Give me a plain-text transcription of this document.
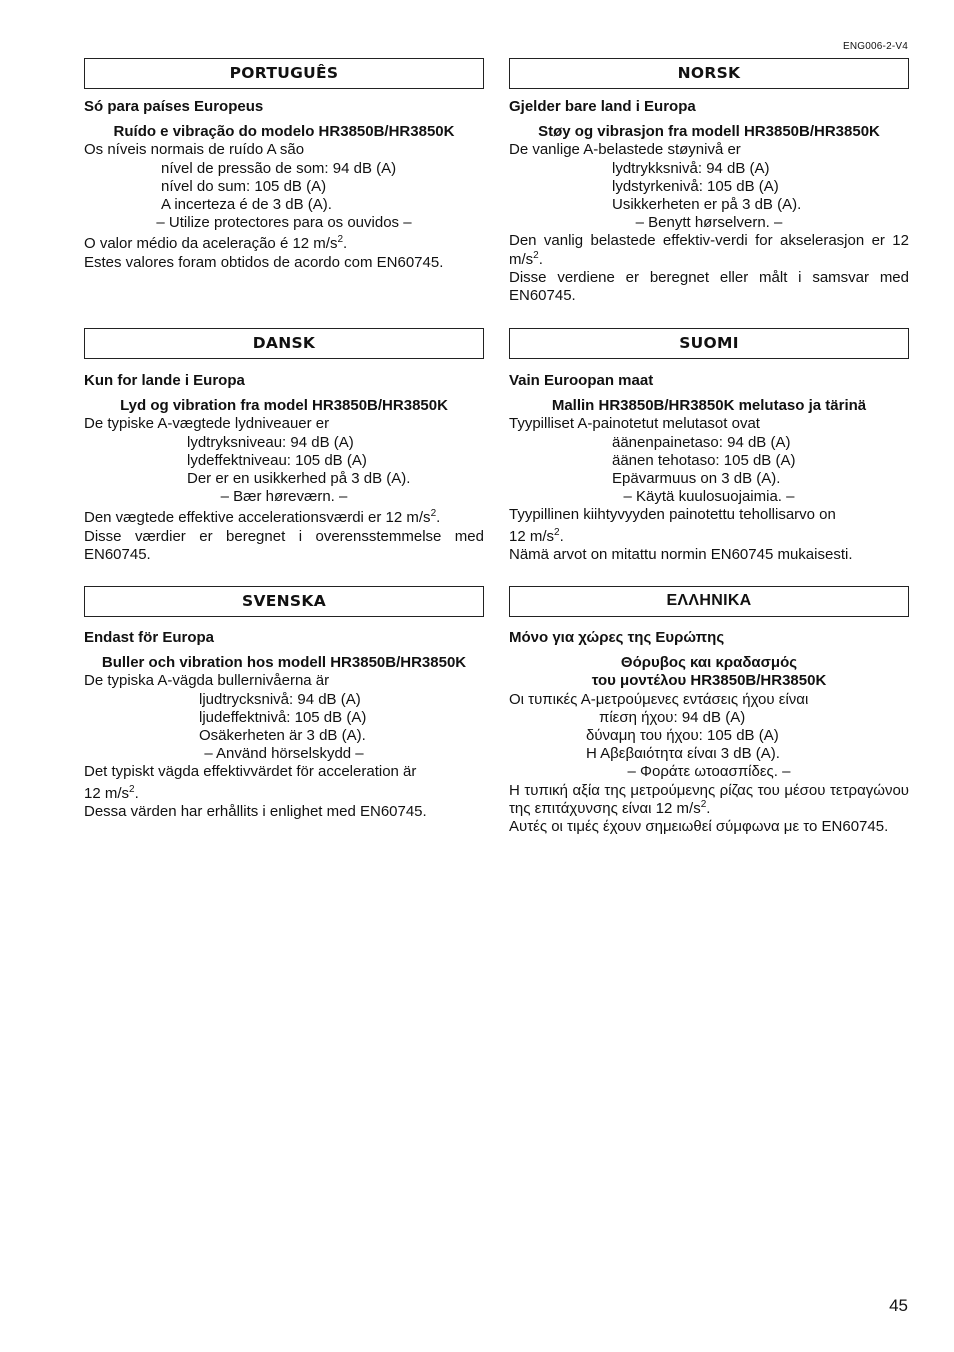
ENG006-2-V4
PORTUGUÊS
Só para países Europeus
Ruído e vibração do modelo HR3850B/HR3850K
Os níveis normais de ruído A são
nível de pressão de som: 94 dB (A)
nível do sum: 105 dB (A)
A incerteza é de 3 dB (A).
– Utilize protectores para os ouvidos –
O valor médio da aceleração é 12 $m/s^2$.
Estes valores foram obtidos de acordo com EN60745.
NORSK
Gjelder bare land i Europa
Støy og vibrasjon fra modell HR3850B/HR3850K
De vanlige A-belastede støynivå er
lydtrykksnivå: 94 dB (A)
lydstyrkenivå: 105 dB (A)
Usikkerheten er på 3 dB (A).
– Benytt hørselvern. –
Den vanlig belastede effektiv-verdi for akselerasjon er 12 $m/s^2$.
Disse verdiene er beregnet eller målt i samsvar med EN60745.
DANSK
Kun for lande i Europa
Lyd og vibration fra model HR3850B/HR3850K
De typiske A-vægtede lydniveauer er
lydtryksniveau: 94 dB (A)
lydeffektniveau: 105 dB (A)
Der er en usikkerhed på 3 dB (A).
– Bær høreværn. –
Den vægtede effektive accelerationsværdi er 12 $m/s^2$.
Disse værdier er beregnet i overensstemmelse med EN60745.
SUOMI
Vain Euroopan maat
Mallin HR3850B/HR3850K melutaso ja tärinä
Tyypilliset A-painotetut melutasot ovat
äänenpainetaso: 94 dB (A)
äänen tehotaso: 105 dB (A)
Epävarmuus on 3 dB (A).
– Käytä kuulosuojaimia. –
Tyypillinen kiihtyvyyden painotettu tehollisarvo on
12 $m/s^2$.
Nämä arvot on mitattu normin EN60745 mukaisesti.
SVENSKA
Endast för Europa
Buller och vibration hos modell HR3850B/HR3850K
De typiska A-vägda bullernivåerna är
ljudtrycksnivå: 94 dB (A)
ljudeffektnivå: 105 dB (A)
Osäkerheten är 3 dB (A).
– Använd hörselskydd –
Det typiskt vägda effektivvärdet för acceleration är
12 $m/s^2$.
Dessa värden har erhållits i enlighet med EN60745.
ΕΛΛΗΝΙΚΑ
Μόνο για χώρες της Ευρώπης
Θόρυβος και κραδασμός
του μοντέλου HR3850B/HR3850K
Οι τυπικές Α-μετρούμενες εντάσεις ήχου είναι
πίεση ήχου: 94 dB (A)
δύναμη του ήχου: 105 dB (A)
Η Αβεβαιότητα είναι 3 dB (A).
– Φοράτε ωτοασπίδες. –
Η τυπική αξία της μετρούμενης ρίζας του μέσου τετραγώνου της επιτάχυνσης είναι 12 $m/s^2$.
Αυτές οι τιμές έχουν σημειωθεί σύμφωνα με το EN60745.
45
